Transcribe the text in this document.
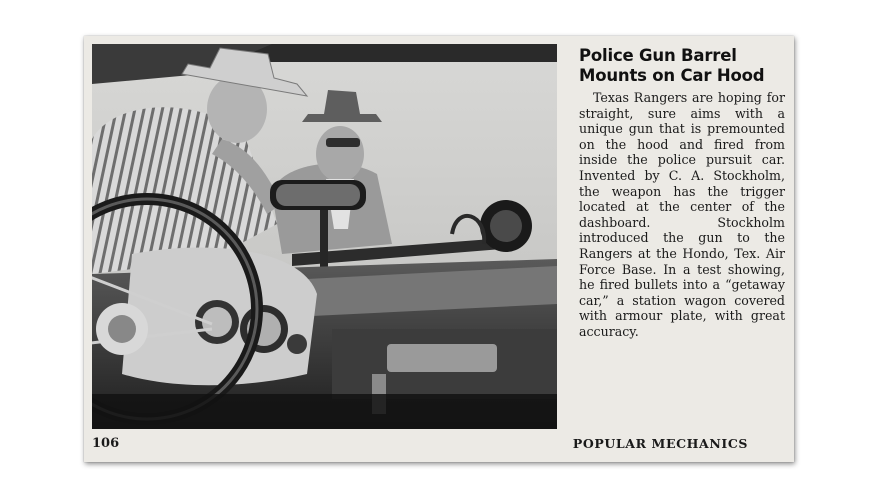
Police Gun Barrel
Mounts on Car Hood

Texas Rangers are hoping for straight, sure aims with a unique gun that is premounted on the hood and fired from inside the police pursuit car. Invented by C. A. Stockholm, the weapon has the trigger located at the center of the dashboard. Stockholm introduced the gun to the Rangers at the Hondo, Tex. Air Force Base. In a test showing, he fired bullets into a “getaway car,” a station wagon covered with armour plate, with great accuracy.

106	POPULAR MECHANICS
